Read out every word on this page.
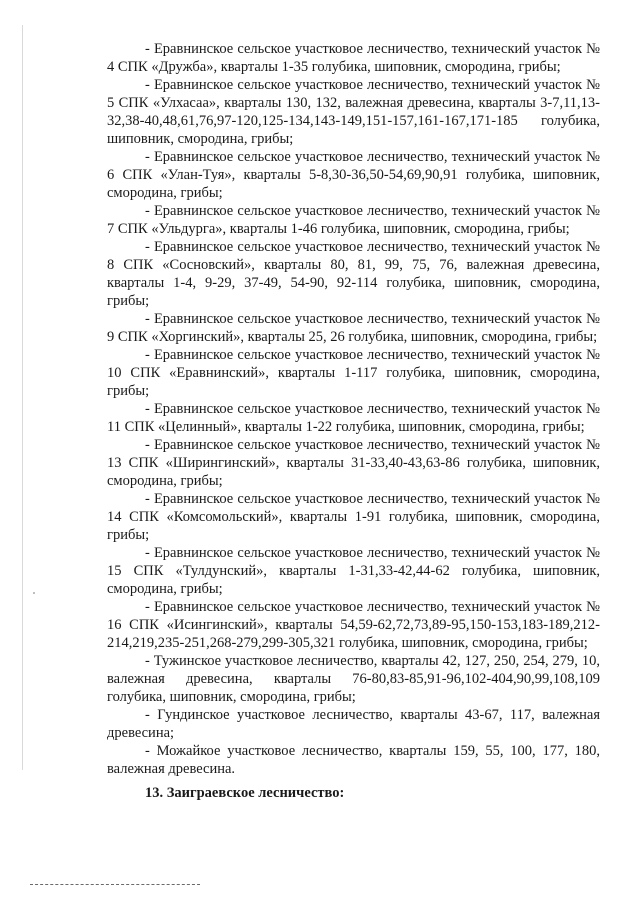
- Еравнинское сельское участковое лесничество, технический участок № 4 СПК «Дружба», кварталы 1-35 голубика, шиповник, смородина, грибы;

- Еравнинское сельское участковое лесничество, технический участок № 5 СПК «Улхасаа», кварталы 130, 132, валежная древесина, кварталы 3-7,11,13-32,38-40,48,61,76,97-120,125-134,143-149,151-157,161-167,171-185 голубика, шиповник, смородина, грибы;

- Еравнинское сельское участковое лесничество, технический участок № 6 СПК «Улан-Туя», кварталы 5-8,30-36,50-54,69,90,91 голубика, шиповник, смородина, грибы;

- Еравнинское сельское участковое лесничество, технический участок № 7 СПК «Ульдурга», кварталы 1-46 голубика, шиповник, смородина, грибы;

- Еравнинское сельское участковое лесничество, технический участок № 8 СПК «Сосновский», кварталы 80, 81, 99, 75, 76, валежная древесина, кварталы 1-4, 9-29, 37-49, 54-90, 92-114 голубика, шиповник, смородина, грибы;

- Еравнинское сельское участковое лесничество, технический участок № 9 СПК «Хоргинский», кварталы 25, 26 голубика, шиповник, смородина, грибы;

- Еравнинское сельское участковое лесничество, технический участок № 10 СПК «Еравнинский», кварталы 1-117 голубика, шиповник, смородина, грибы;

- Еравнинское сельское участковое лесничество, технический участок № 11 СПК «Целинный», кварталы 1-22 голубика, шиповник, смородина, грибы;

- Еравнинское сельское участковое лесничество, технический участок № 13 СПК «Ширингинский», кварталы 31-33,40-43,63-86 голубика, шиповник, смородина, грибы;

- Еравнинское сельское участковое лесничество, технический участок № 14 СПК «Комсомольский», кварталы 1-91 голубика, шиповник, смородина, грибы;

- Еравнинское сельское участковое лесничество, технический участок № 15 СПК «Тулдунский», кварталы 1-31,33-42,44-62 голубика, шиповник, смородина, грибы;

- Еравнинское сельское участковое лесничество, технический участок № 16 СПК «Исингинский», кварталы 54,59-62,72,73,89-95,150-153,183-189,212-214,219,235-251,268-279,299-305,321 голубика, шиповник, смородина, грибы;

- Тужинское участковое лесничество, кварталы 42, 127, 250, 254, 279, 10, валежная древесина, кварталы 76-80,83-85,91-96,102-404,90,99,108,109 голубика, шиповник, смородина, грибы;

- Гундинское участковое лесничество, кварталы 43-67, 117, валежная древесина;

- Можайкое участковое лесничество, кварталы 159, 55, 100, 177, 180, валежная древесина.

13. Заиграевское лесничество:
